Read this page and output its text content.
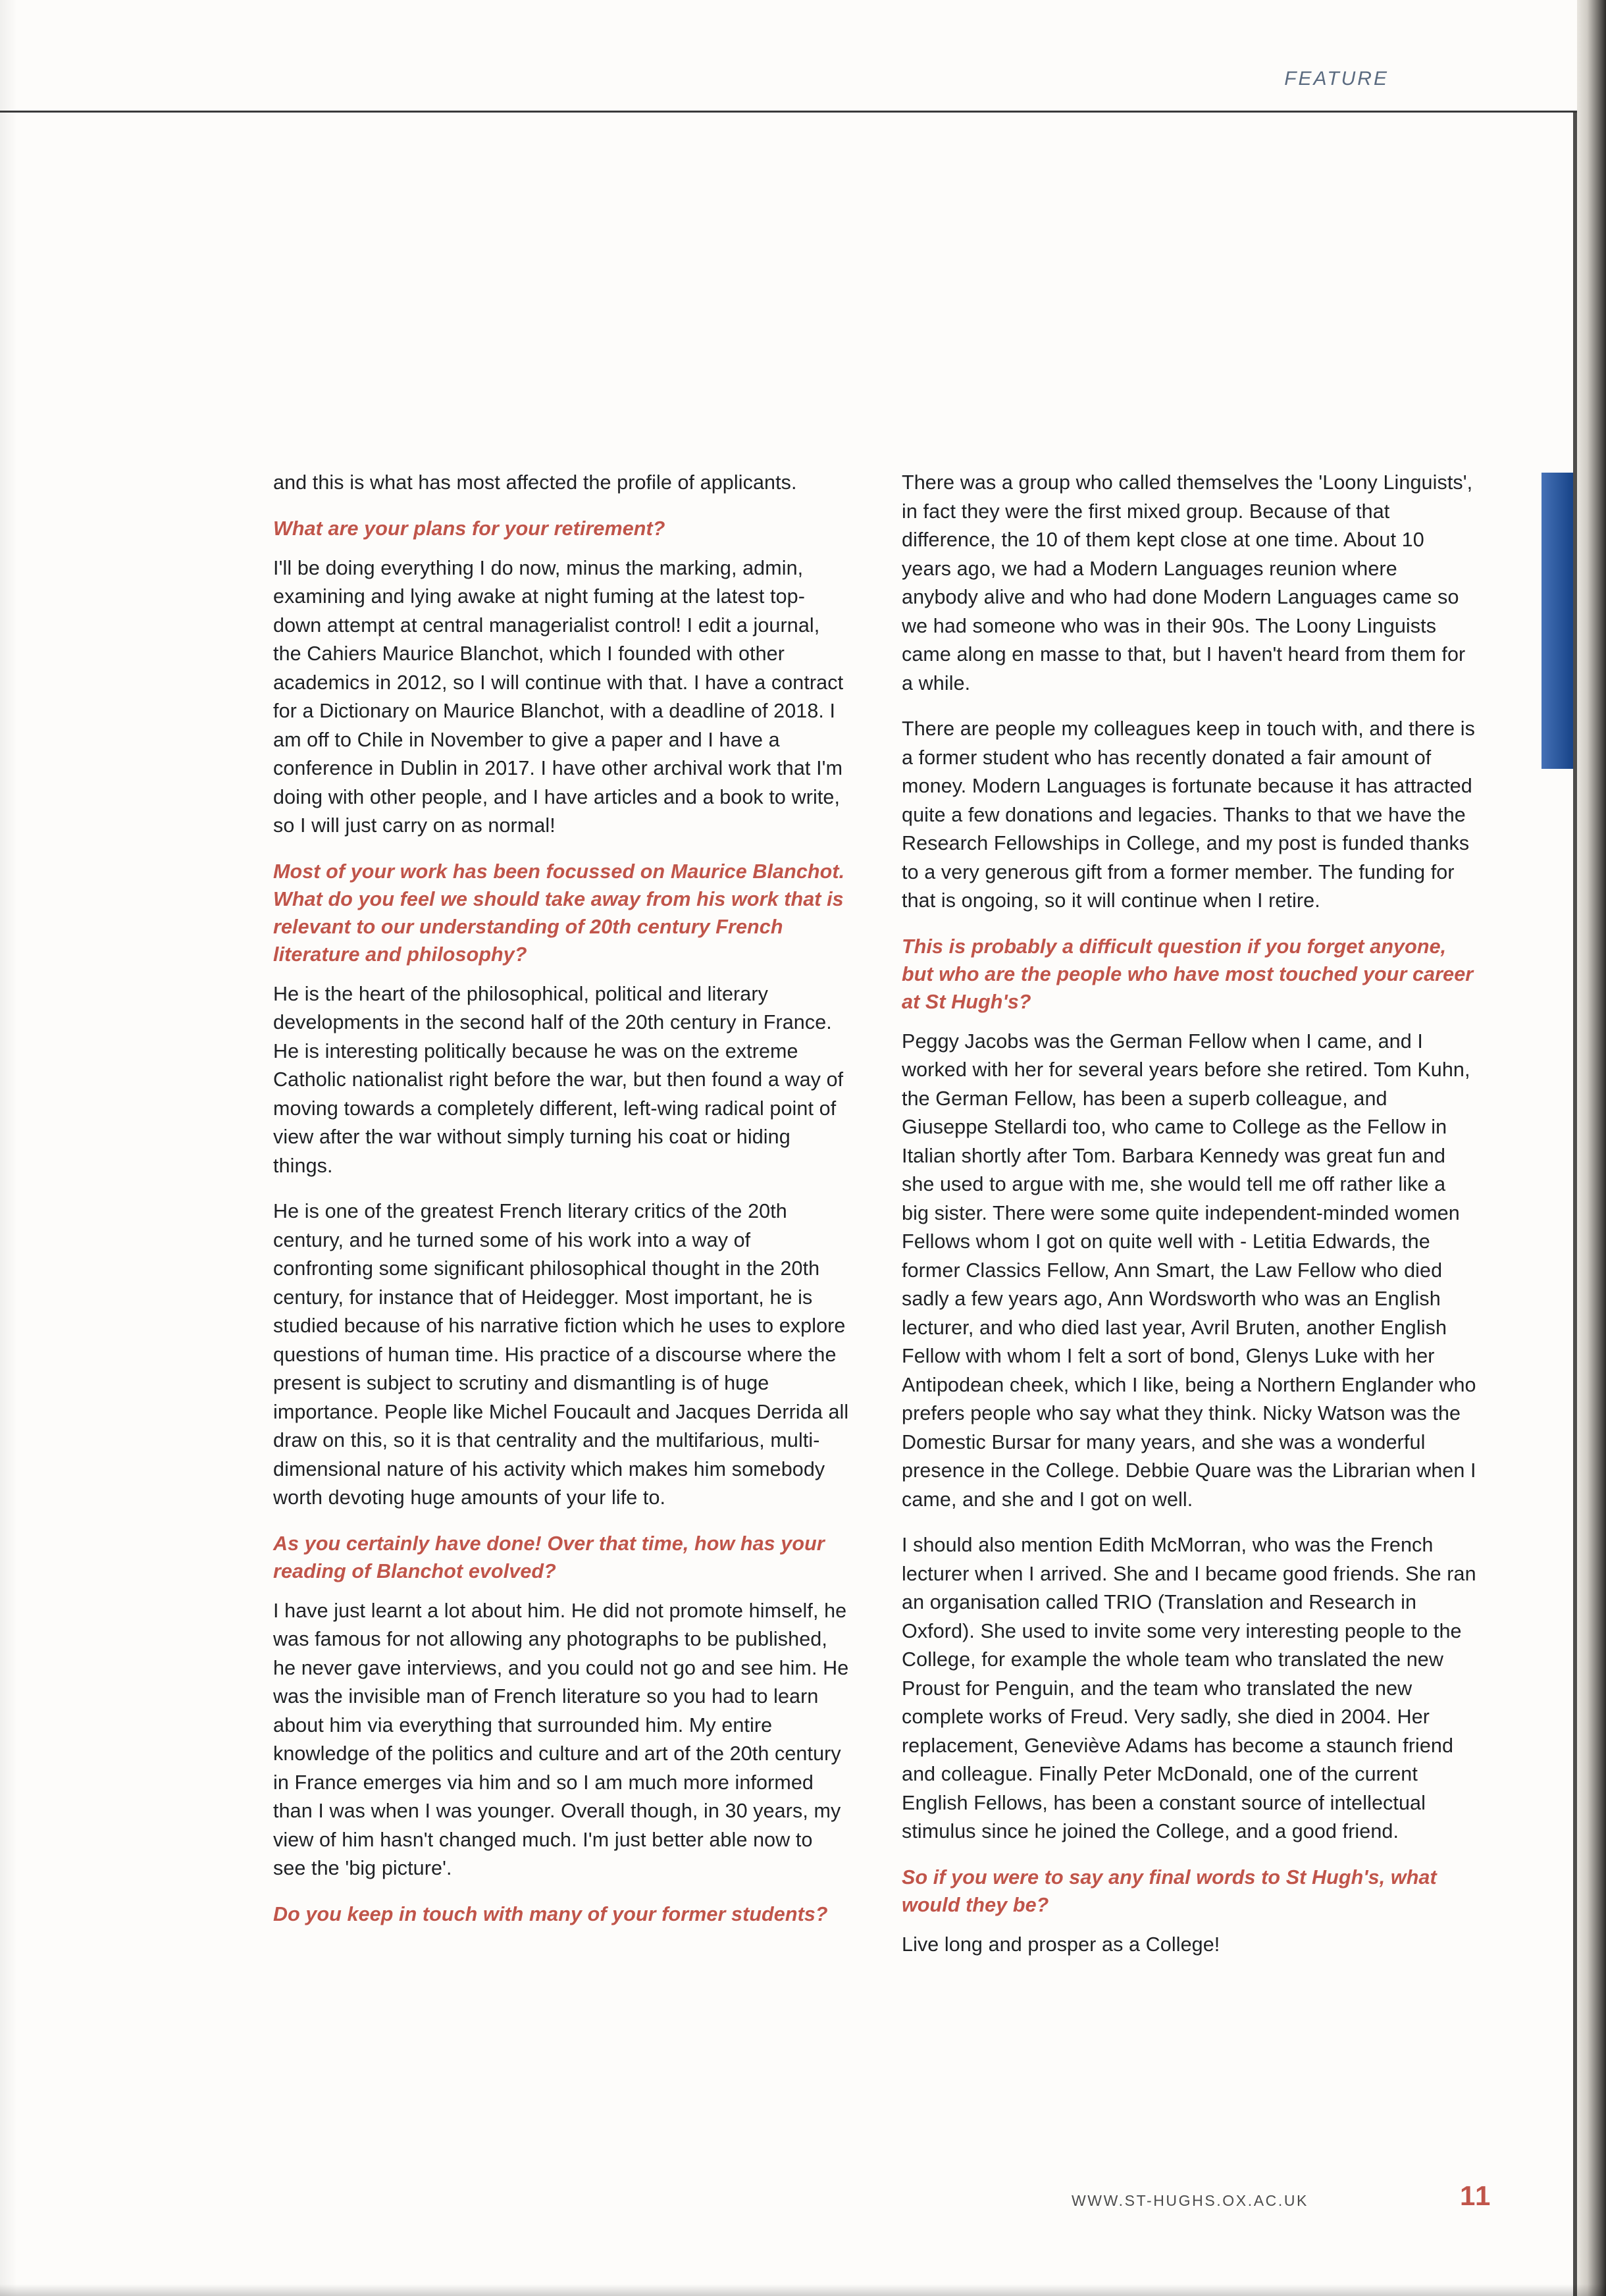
FEATURE

and this is what has most affected the profile of applicants.

What are your plans for your retirement?

I'll be doing everything I do now, minus the marking, admin, examining and lying awake at night fuming at the latest top-down attempt at central managerialist control! I edit a journal, the Cahiers Maurice Blanchot, which I founded with other academics in 2012, so I will continue with that. I have a contract for a Dictionary on Maurice Blanchot, with a deadline of 2018. I am off to Chile in November to give a paper and I have a conference in Dublin in 2017. I have other archival work that I'm doing with other people, and I have articles and a book to write, so I will just carry on as normal!

Most of your work has been focussed on Maurice Blanchot. What do you feel we should take away from his work that is relevant to our understanding of 20th century French literature and philosophy?

He is the heart of the philosophical, political and literary developments in the second half of the 20th century in France. He is interesting politically because he was on the extreme Catholic nationalist right before the war, but then found a way of moving towards a completely different, left-wing radical point of view after the war without simply turning his coat or hiding things.

He is one of the greatest French literary critics of the 20th century, and he turned some of his work into a way of confronting some significant philosophical thought in the 20th century, for instance that of Heidegger. Most important, he is studied because of his narrative fiction which he uses to explore questions of human time. His practice of a discourse where the present is subject to scrutiny and dismantling is of huge importance. People like Michel Foucault and Jacques Derrida all draw on this, so it is that centrality and the multifarious, multi-dimensional nature of his activity which makes him somebody worth devoting huge amounts of your life to.

As you certainly have done! Over that time, how has your reading of Blanchot evolved?

I have just learnt a lot about him. He did not promote himself, he was famous for not allowing any photographs to be published, he never gave interviews, and you could not go and see him. He was the invisible man of French literature so you had to learn about him via everything that surrounded him. My entire knowledge of the politics and culture and art of the 20th century in France emerges via him and so I am much more informed than I was when I was younger. Overall though, in 30 years, my view of him hasn't changed much. I'm just better able now to see the 'big picture'.

Do you keep in touch with many of your former students?

There was a group who called themselves the 'Loony Linguists', in fact they were the first mixed group. Because of that difference, the 10 of them kept close at one time. About 10 years ago, we had a Modern Languages reunion where anybody alive and who had done Modern Languages came so we had someone who was in their 90s. The Loony Linguists came along en masse to that, but I haven't heard from them for a while.

There are people my colleagues keep in touch with, and there is a former student who has recently donated a fair amount of money. Modern Languages is fortunate because it has attracted quite a few donations and legacies. Thanks to that we have the Research Fellowships in College, and my post is funded thanks to a very generous gift from a former member. The funding for that is ongoing, so it will continue when I retire.

This is probably a difficult question if you forget anyone, but who are the people who have most touched your career at St Hugh's?

Peggy Jacobs was the German Fellow when I came, and I worked with her for several years before she retired. Tom Kuhn, the German Fellow, has been a superb colleague, and Giuseppe Stellardi too, who came to College as the Fellow in Italian shortly after Tom. Barbara Kennedy was great fun and she used to argue with me, she would tell me off rather like a big sister. There were some quite independent-minded women Fellows whom I got on quite well with - Letitia Edwards, the former Classics Fellow, Ann Smart, the Law Fellow who died sadly a few years ago, Ann Wordsworth who was an English lecturer, and who died last year, Avril Bruten, another English Fellow with whom I felt a sort of bond, Glenys Luke with her Antipodean cheek, which I like, being a Northern Englander who prefers people who say what they think. Nicky Watson was the Domestic Bursar for many years, and she was a wonderful presence in the College. Debbie Quare was the Librarian when I came, and she and I got on well.

I should also mention Edith McMorran, who was the French lecturer when I arrived. She and I became good friends. She ran an organisation called TRIO (Translation and Research in Oxford). She used to invite some very interesting people to the College, for example the whole team who translated the new Proust for Penguin, and the team who translated the new complete works of Freud. Very sadly, she died in 2004. Her replacement, Geneviève Adams has become a staunch friend and colleague. Finally Peter McDonald, one of the current English Fellows, has been a constant source of intellectual stimulus since he joined the College, and a good friend.

So if you were to say any final words to St Hugh's, what would they be?

Live long and prosper as a College!

WWW.ST-HUGHS.OX.AC.UK	11
